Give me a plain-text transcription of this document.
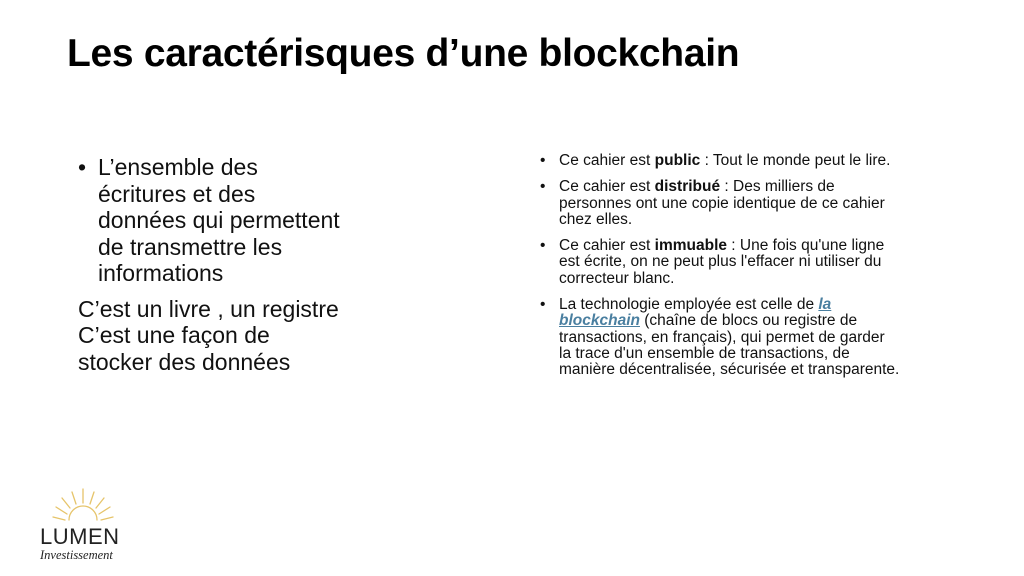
Les caractérisques d’une blockchain
• L’ensemble des écritures et des données qui permettent de transmettre les informations

C’est un livre , un registre C’est une façon de stocker des données

• Ce cahier est public : Tout le monde peut le lire.
• Ce cahier est distribué : Des milliers de personnes ont une copie identique de ce cahier chez elles.
• Ce cahier est immuable : Une fois qu'une ligne est écrite, on ne peut plus l'effacer ni utiliser du correcteur blanc.
• La technologie employée est celle de la blockchain (chaîne de blocs ou registre de transactions, en français), qui permet de garder la trace d'un ensemble de transactions, de manière décentralisée, sécurisée et transparente.
LUMEN
Investissement
